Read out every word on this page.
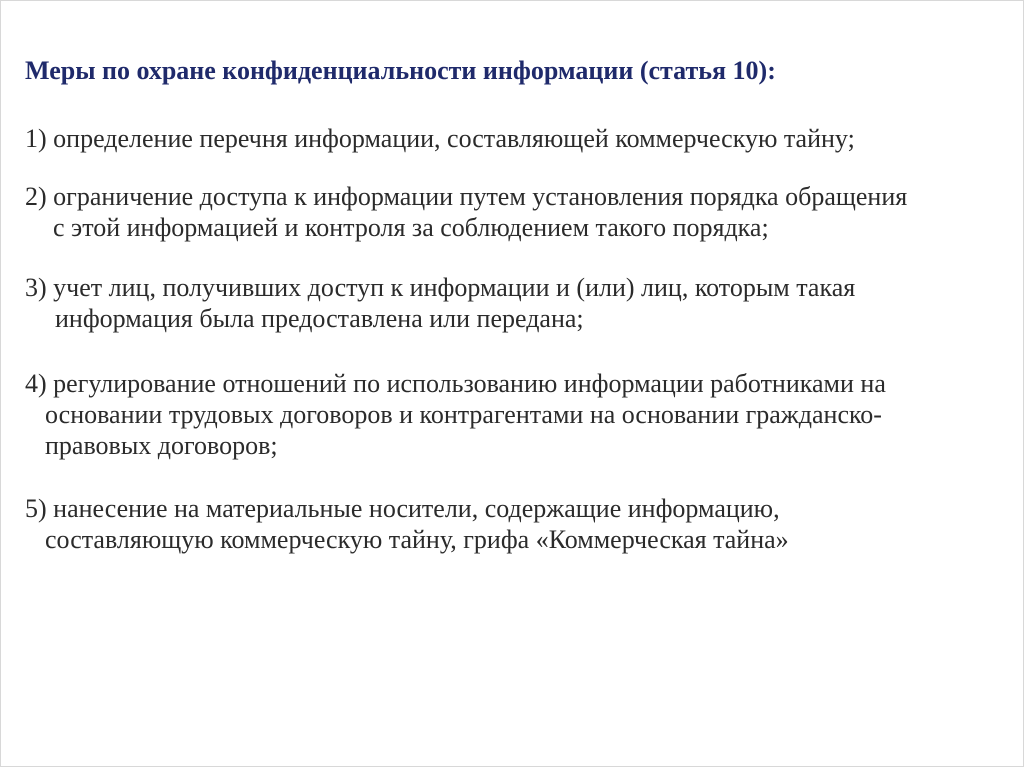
Меры по охране конфиденциальности информации (статья 10):
1) определение перечня информации, составляющей коммерческую тайну;
2) ограничение доступа к информации путем установления порядка обращения
с этой информацией и контроля за соблюдением такого порядка;
3) учет лиц, получивших доступ к информации и (или) лиц, которым такая
информация была предоставлена или передана;
4) регулирование отношений по использованию информации работниками на
основании трудовых договоров и контрагентами на основании гражданско-
правовых договоров;
5) нанесение на материальные носители, содержащие информацию,
составляющую коммерческую тайну, грифа «Коммерческая тайна»
